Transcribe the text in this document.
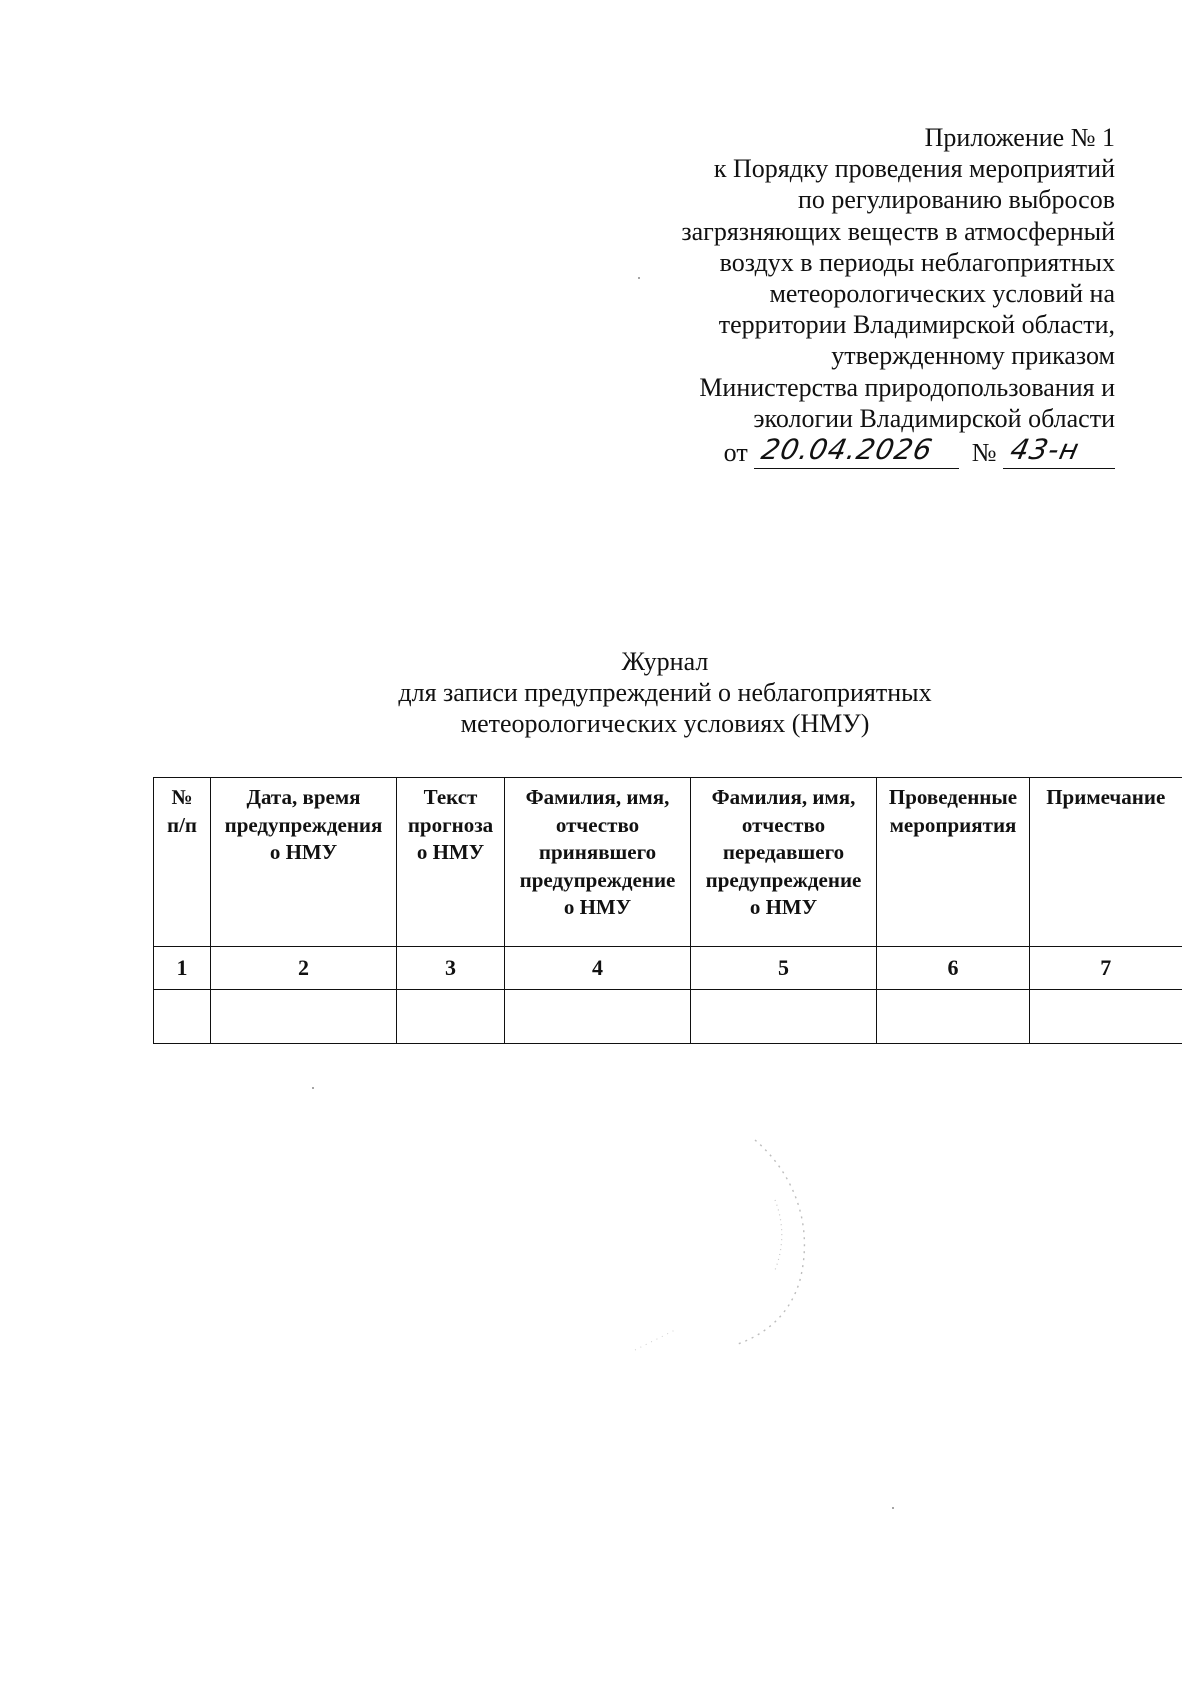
Приложение № 1
к Порядку проведения мероприятий
по регулированию выбросов
загрязняющих веществ в атмосферный
воздух в периоды неблагоприятных
метеорологических условий на
территории Владимирской области,
утвержденному приказом
Министерства природопользования и
экологии Владимирской области
от 20.04.2026 № 43-н
Журнал
для записи предупреждений о неблагоприятных
метеорологических условиях (НМУ)
№
п/п	Дата, время
предупреждения
о НМУ	Текст
прогноза
о НМУ	Фамилия, имя,
отчество
принявшего
предупреждение
о НМУ	Фамилия, имя,
отчество
передавшего
предупреждение
о НМУ	Проведенные
мероприятия	Примечание
1	2	3	4	5	6	7
